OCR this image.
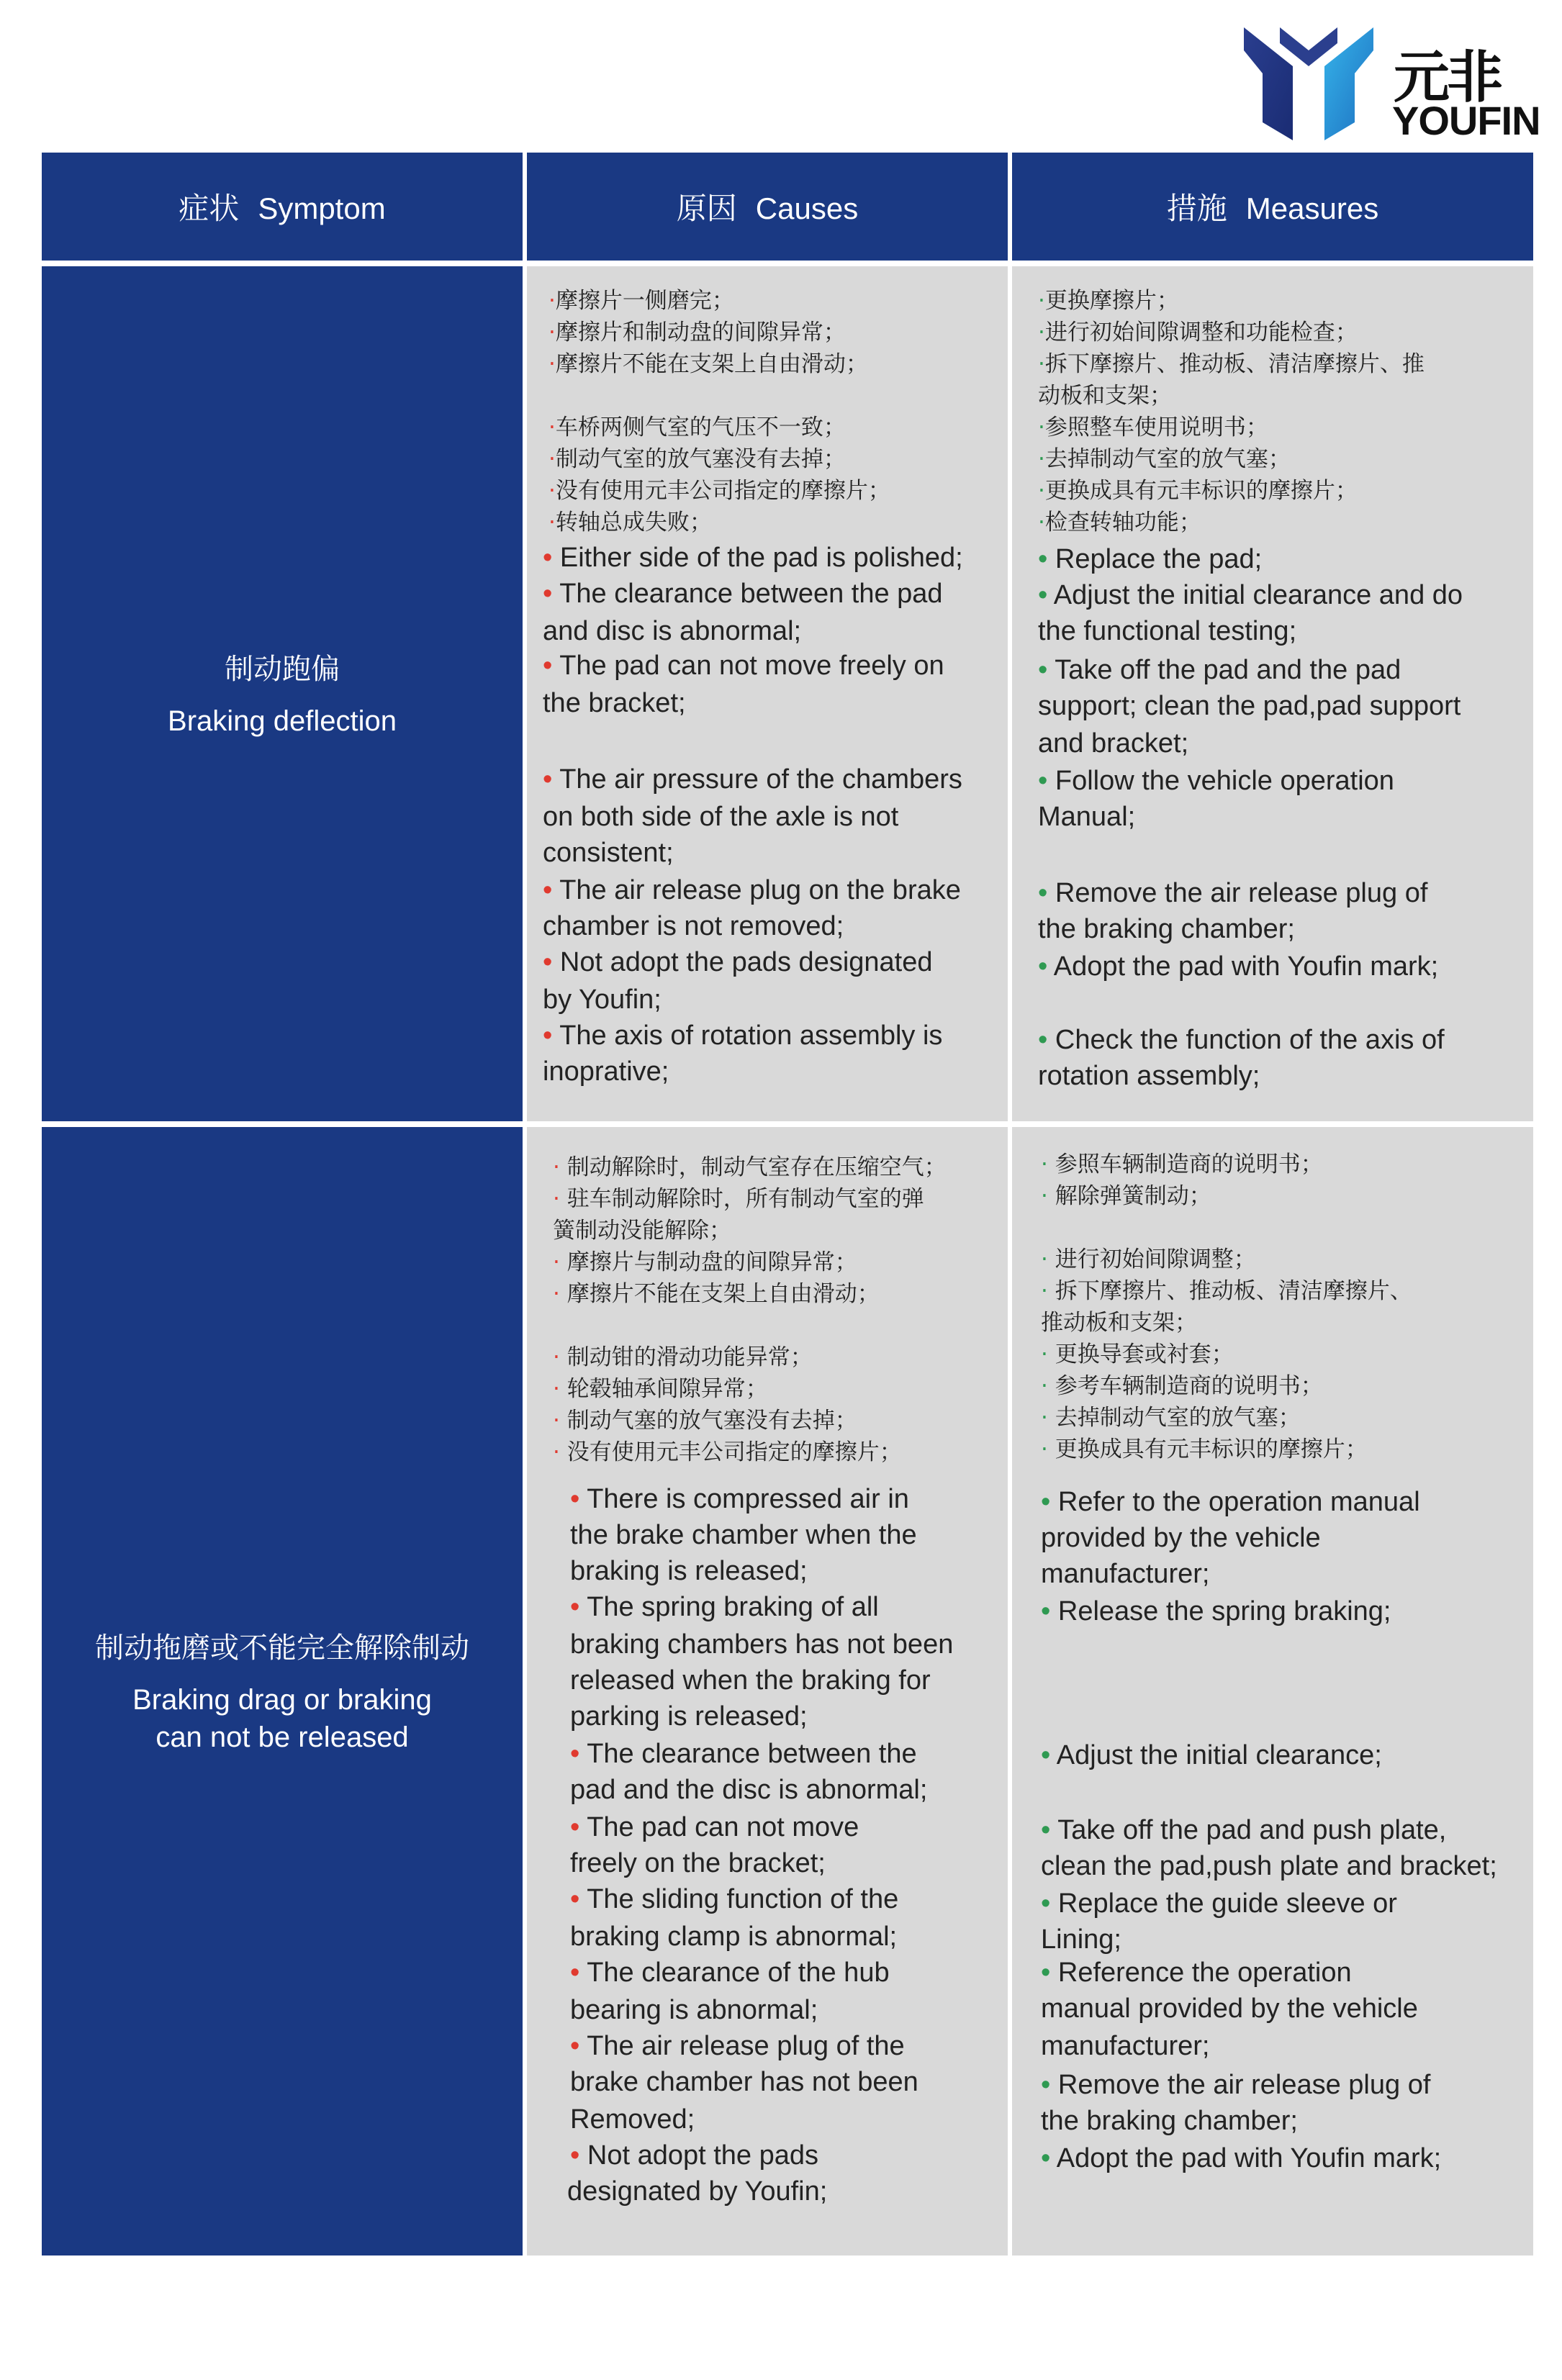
元非
YOUFIN
症状 Symptom	原因 Causes	措施 Measures
制动跑偏
Braking deflection
·摩擦片一侧磨完；
·摩擦片和制动盘的间隙异常；
·摩擦片不能在支架上自由滑动；
·车桥两侧气室的气压不一致；
·制动气室的放气塞没有去掉；
·没有使用元丰公司指定的摩擦片；
·转轴总成失败；
• Either side of the pad is polished;
• The clearance between the pad
and disc is abnormal;
• The pad can not move freely on
the bracket;
• The air pressure of the chambers
on both side of the axle is not
consistent;
• The air release plug on the brake
chamber is not removed;
• Not adopt the pads designated
by Youfin;
• The axis of rotation assembly is
inoprative;
·更换摩擦片；
·进行初始间隙调整和功能检查；
·拆下摩擦片、推动板、清洁摩擦片、推
动板和支架；
·参照整车使用说明书；
·去掉制动气室的放气塞；
·更换成具有元丰标识的摩擦片；
·检查转轴功能；
• Replace the pad;
• Adjust the initial clearance and do
the functional testing;
• Take off the pad and the pad
support; clean the pad,pad support
and bracket;
• Follow the vehicle operation
Manual;
• Remove the air release plug of
the braking chamber;
• Adopt the pad with Youfin mark;
• Check the function of the axis of
rotation assembly;
制动拖磨或不能完全解除制动
Braking drag or braking
can not be released
· 制动解除时，制动气室存在压缩空气；
· 驻车制动解除时，所有制动气室的弹
簧制动没能解除；
· 摩擦片与制动盘的间隙异常；
· 摩擦片不能在支架上自由滑动；
· 制动钳的滑动功能异常；
· 轮毂轴承间隙异常；
· 制动气塞的放气塞没有去掉；
· 没有使用元丰公司指定的摩擦片；
• There is compressed air in
the brake chamber when the
braking is released;
• The spring braking of all
braking chambers has not been
released when the braking for
parking is released;
• The clearance between the
pad and the disc is abnormal;
• The pad can not move
freely on the bracket;
• The sliding function of the
braking clamp is abnormal;
• The clearance of the hub
bearing is abnormal;
• The air release plug of the
brake chamber has not been
Removed;
• Not adopt the pads
designated by Youfin;
· 参照车辆制造商的说明书；
· 解除弹簧制动；
· 进行初始间隙调整；
· 拆下摩擦片、推动板、清洁摩擦片、
推动板和支架；
· 更换导套或衬套；
· 参考车辆制造商的说明书；
· 去掉制动气室的放气塞；
· 更换成具有元丰标识的摩擦片；
• Refer to the operation manual
provided by the vehicle
manufacturer;
• Release the spring braking;
• Adjust the initial clearance;
• Take off the pad and push plate,
clean the pad,push plate and bracket;
• Replace the guide sleeve or
Lining;
• Reference the operation
manual provided by the vehicle
manufacturer;
• Remove the air release plug of
the braking chamber;
• Adopt the pad with Youfin mark;
